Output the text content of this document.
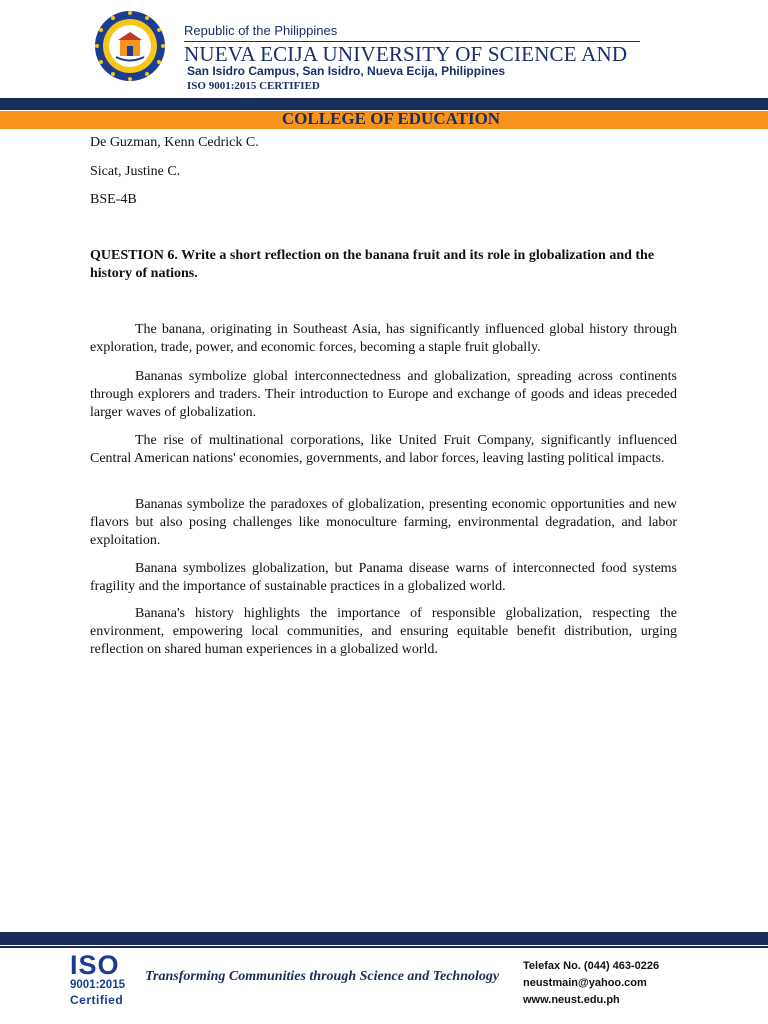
Republic of the Philippines
NUEVA ECIJA UNIVERSITY OF SCIENCE AND
San Isidro Campus, San Isidro, Nueva Ecija, Philippines
ISO 9001:2015 CERTIFIED
COLLEGE OF EDUCATION
De Guzman, Kenn Cedrick C.
Sicat, Justine C.
BSE-4B
QUESTION 6. Write a short reflection on the banana fruit and its role in globalization and the history of nations.
The banana, originating in Southeast Asia, has significantly influenced global history through exploration, trade, power, and economic forces, becoming a staple fruit globally.
Bananas symbolize global interconnectedness and globalization, spreading across continents through explorers and traders. Their introduction to Europe and exchange of goods and ideas preceded larger waves of globalization.
The rise of multinational corporations, like United Fruit Company, significantly influenced Central American nations' economies, governments, and labor forces, leaving lasting political impacts.
Bananas symbolize the paradoxes of globalization, presenting economic opportunities and new flavors but also posing challenges like monoculture farming, environmental degradation, and labor exploitation.
Banana symbolizes globalization, but Panama disease warns of interconnected food systems fragility and the importance of sustainable practices in a globalized world.
Banana's history highlights the importance of responsible globalization, respecting the environment, empowering local communities, and ensuring equitable benefit distribution, urging reflection on shared human experiences in a globalized world.
ISO
9001:2015
Certified
Transforming Communities through Science and Technology
Telefax No. (044) 463-0226
neustmain@yahoo.com
www.neust.edu.ph
